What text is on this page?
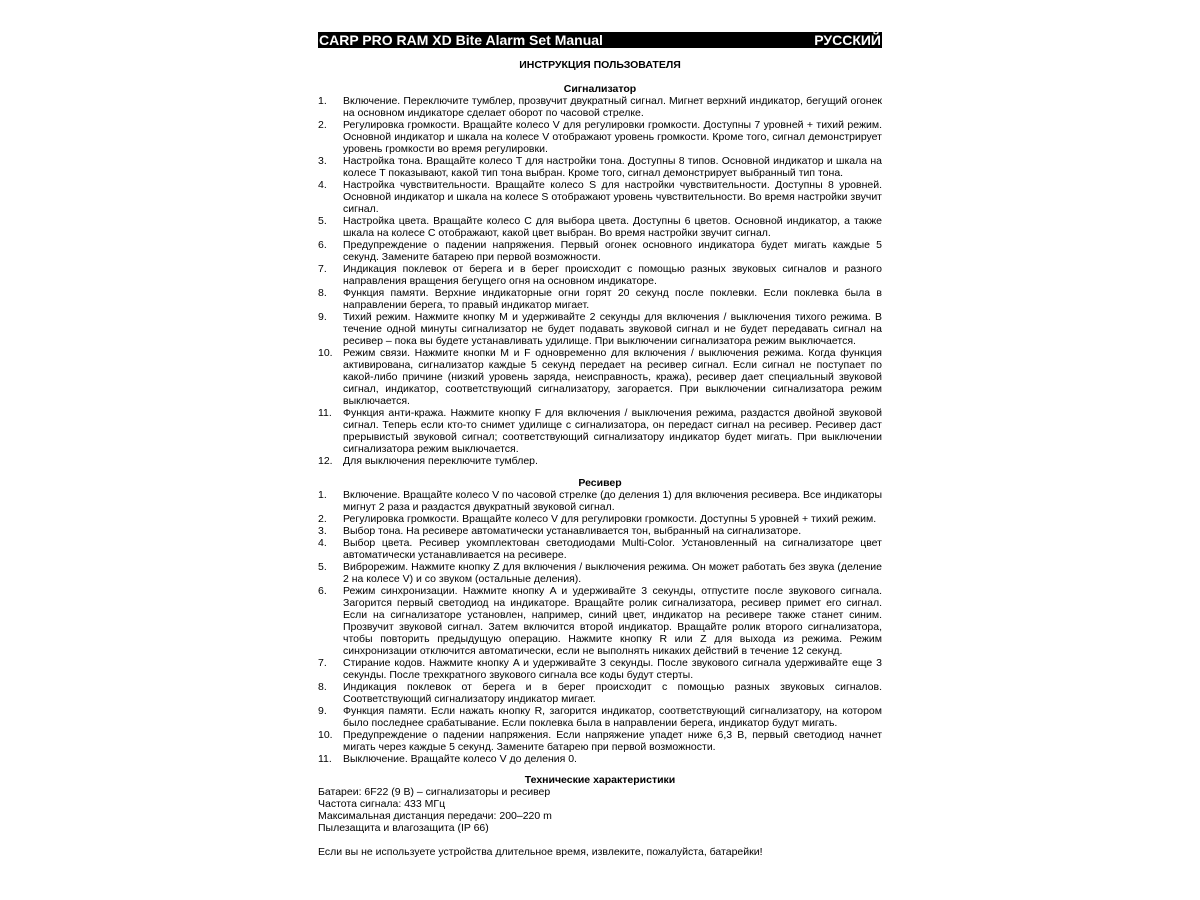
CARP PRO RAM XD Bite Alarm Set Manual	РУССКИЙ
ИНСТРУКЦИЯ ПОЛЬЗОВАТЕЛЯ
Сигнализатор
1. Включение. Переключите тумблер, прозвучит двукратный сигнал. Мигнет верхний индикатор, бегущий огонек на основном индикаторе сделает оборот по часовой стрелке.
2. Регулировка громкости. Вращайте колесо V для регулировки громкости. Доступны 7 уровней + тихий режим. Основной индикатор и шкала на колесе V отображают уровень громкости. Кроме того, сигнал демонстрирует уровень громкости во время регулировки.
3. Настройка тона. Вращайте колесо T для настройки тона. Доступны 8 типов. Основной индикатор и шкала на колесе T показывают, какой тип тона выбран. Кроме того, сигнал демонстрирует выбранный тип тона.
4. Настройка чувствительности. Вращайте колесо S для настройки чувствительности. Доступны 8 уровней. Основной индикатор и шкала на колесе S отображают уровень чувствительности. Во время настройки звучит сигнал.
5. Настройка цвета. Вращайте колесо C для выбора цвета. Доступны 6 цветов. Основной индикатор, а также шкала на колесе C отображают, какой цвет выбран. Во время настройки звучит сигнал.
6. Предупреждение о падении напряжения. Первый огонек основного индикатора будет мигать каждые 5 секунд. Замените батарею при первой возможности.
7. Индикация поклевок от берега и в берег происходит с помощью разных звуковых сигналов и разного направления вращения бегущего огня на основном индикаторе.
8. Функция памяти. Верхние индикаторные огни горят 20 секунд после поклевки. Если поклевка была в направлении берега, то правый индикатор мигает.
9. Тихий режим. Нажмите кнопку M и удерживайте 2 секунды для включения / выключения тихого режима. В течение одной минуты сигнализатор не будет подавать звуковой сигнал и не будет передавать сигнал на ресивер – пока вы будете устанавливать удилище. При выключении сигнализатора режим выключается.
10. Режим связи. Нажмите кнопки M и F одновременно для включения / выключения режима. Когда функция активирована, сигнализатор каждые 5 секунд передает на ресивер сигнал. Если сигнал не поступает по какой-либо причине (низкий уровень заряда, неисправность, кража), ресивер дает специальный звуковой сигнал, индикатор, соответствующий сигнализатору, загорается. При выключении сигнализатора режим выключается.
11. Функция анти-кража. Нажмите кнопку F для включения / выключения режима, раздастся двойной звуковой сигнал. Теперь если кто-то снимет удилище с сигнализатора, он передаст сигнал на ресивер. Ресивер даст прерывистый звуковой сигнал; соответствующий сигнализатору индикатор будет мигать. При выключении сигнализатора режим выключается.
12. Для выключения переключите тумблер.
Ресивер
1. Включение. Вращайте колесо V по часовой стрелке (до деления 1) для включения ресивера. Все индикаторы мигнут 2 раза и раздастся двукратный звуковой сигнал.
2. Регулировка громкости. Вращайте колесо V для регулировки громкости. Доступны 5 уровней + тихий режим.
3. Выбор тона. На ресивере автоматически устанавливается тон, выбранный на сигнализаторе.
4. Выбор цвета. Ресивер укомплектован светодиодами Multi-Color. Установленный на сигнализаторе цвет автоматически устанавливается на ресивере.
5. Виброрежим. Нажмите кнопку Z для включения / выключения режима. Он может работать без звука (деление 2 на колесе V) и со звуком (остальные деления).
6. Режим синхронизации. Нажмите кнопку A и удерживайте 3 секунды, отпустите после звукового сигнала. Загорится первый светодиод на индикаторе. Вращайте ролик сигнализатора, ресивер примет его сигнал. Если на сигнализаторе установлен, например, синий цвет, индикатор на ресивере также станет синим. Прозвучит звуковой сигнал. Затем включится второй индикатор. Вращайте ролик второго сигнализатора, чтобы повторить предыдущую операцию. Нажмите кнопку R или Z для выхода из режима. Режим синхронизации отключится автоматически, если не выполнять никаких действий в течение 12 секунд.
7. Стирание кодов. Нажмите кнопку A и удерживайте 3 секунды. После звукового сигнала удерживайте еще 3 секунды. После трехкратного звукового сигнала все коды будут стерты.
8. Индикация поклевок от берега и в берег происходит с помощью разных звуковых сигналов. Соответствующий сигнализатору индикатор мигает.
9. Функция памяти. Если нажать кнопку R, загорится индикатор, соответствующий сигнализатору, на котором было последнее срабатывание. Если поклевка была в направлении берега, индикатор будут мигать.
10. Предупреждение о падении напряжения. Если напряжение упадет ниже 6,3 В, первый светодиод начнет мигать через каждые 5 секунд. Замените батарею при первой возможности.
11. Выключение. Вращайте колесо V до деления 0.
Технические характеристики
Батареи: 6F22 (9 В) – сигнализаторы и ресивер
Частота сигнала: 433 МГц
Максимальная дистанция передачи: 200–220 m
Пылезащита и влагозащита (IP 66)
Если вы не используете устройства длительное время, извлеките, пожалуйста, батарейки!
